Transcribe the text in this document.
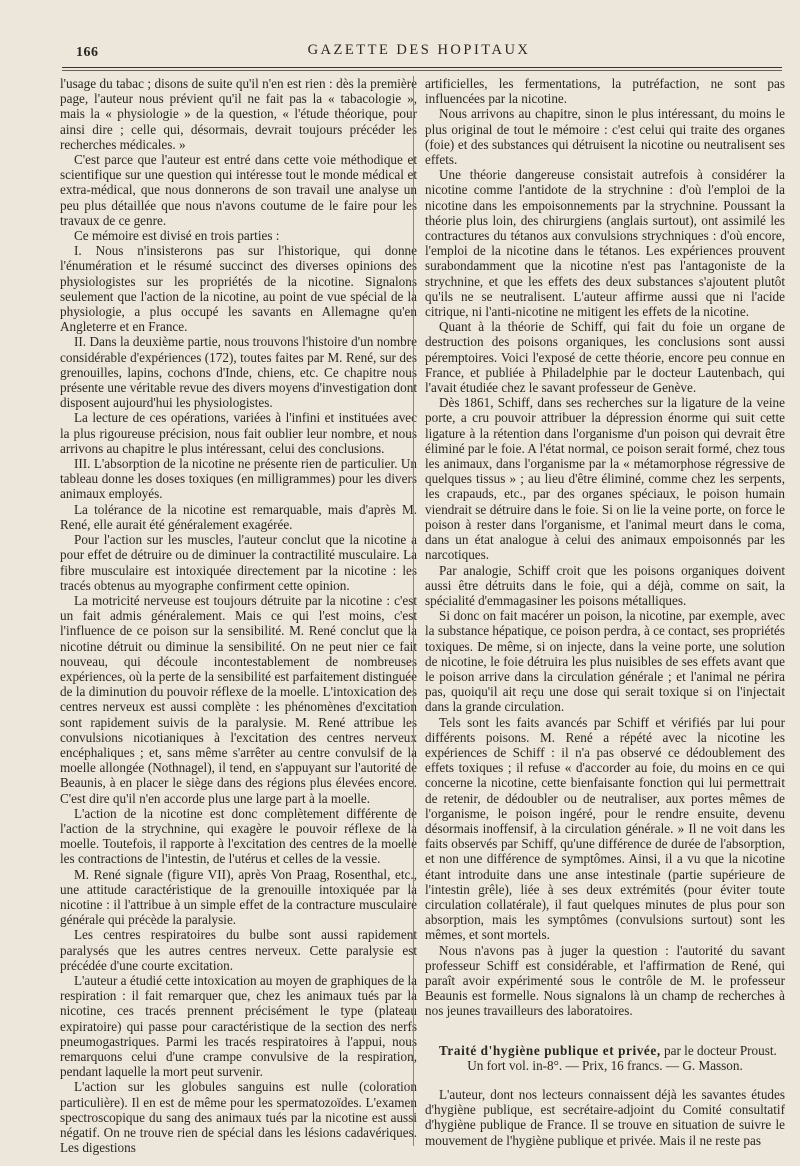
166	GAZETTE DES HOPITAUX

l'usage du tabac ; disons de suite qu'il n'en est rien : dès la première page, l'auteur nous prévient qu'il ne fait pas la « tabacologie », mais la « physiologie » de la question, « l'étude théorique, pour ainsi dire ; celle qui, désormais, devrait toujours précéder les recherches médicales. »

C'est parce que l'auteur est entré dans cette voie méthodique et scientifique sur une question qui intéresse tout le monde médical et extra-médical, que nous donnerons de son travail une analyse un peu plus détaillée que nous n'avons coutume de le faire pour les travaux de ce genre.

Ce mémoire est divisé en trois parties :

I. Nous n'insisterons pas sur l'historique, qui donne l'énumération et le résumé succinct des diverses opinions des physiologistes sur les propriétés de la nicotine. Signalons seulement que l'action de la nicotine, au point de vue spécial de la physiologie, a plus occupé les savants en Allemagne qu'en Angleterre et en France.

II. Dans la deuxième partie, nous trouvons l'histoire d'un nombre considérable d'expériences (172), toutes faites par M. René, sur des grenouilles, lapins, cochons d'Inde, chiens, etc. Ce chapitre nous présente une véritable revue des divers moyens d'investigation dont disposent aujourd'hui les physiologistes.

La lecture de ces opérations, variées à l'infini et instituées avec la plus rigoureuse précision, nous fait oublier leur nombre, et nous arrivons au chapitre le plus intéressant, celui des conclusions.

III. L'absorption de la nicotine ne présente rien de particulier. Un tableau donne les doses toxiques (en milligrammes) pour les divers animaux employés.

La tolérance de la nicotine est remarquable, mais d'après M. René, elle aurait été généralement exagérée.

Pour l'action sur les muscles, l'auteur conclut que la nicotine a pour effet de détruire ou de diminuer la contractilité musculaire. La fibre musculaire est intoxiquée directement par la nicotine : les tracés obtenus au myographe confirment cette opinion.

La motricité nerveuse est toujours détruite par la nicotine : c'est un fait admis généralement. Mais ce qui l'est moins, c'est l'influence de ce poison sur la sensibilité. M. René conclut que la nicotine détruit ou diminue la sensibilité. On ne peut nier ce fait nouveau, qui découle incontestablement de nombreuses expériences, où la perte de la sensibilité est parfaitement distinguée de la diminution du pouvoir réflexe de la moelle. L'intoxication des centres nerveux est aussi complète : les phénomènes d'excitation sont rapidement suivis de la paralysie. M. René attribue les convulsions nicotianiques à l'excitation des centres nerveux encéphaliques ; et, sans même s'arrêter au centre convulsif de la moelle allongée (Nothnagel), il tend, en s'appuyant sur l'autorité de Beaunis, à en placer le siège dans des régions plus élevées encore. C'est dire qu'il n'en accorde plus une large part à la moelle.

L'action de la nicotine est donc complètement différente de l'action de la strychnine, qui exagère le pouvoir réflexe de la moelle. Toutefois, il rapporte à l'excitation des centres de la moelle les contractions de l'intestin, de l'utérus et celles de la vessie.

M. René signale (figure VII), après Von Praag, Rosenthal, etc., une attitude caractéristique de la grenouille intoxiquée par la nicotine : il l'attribue à un simple effet de la contracture musculaire générale qui précède la paralysie.

Les centres respiratoires du bulbe sont aussi rapidement paralysés que les autres centres nerveux. Cette paralysie est précédée d'une courte excitation.

L'auteur a étudié cette intoxication au moyen de graphiques de la respiration : il fait remarquer que, chez les animaux tués par la nicotine, ces tracés prennent précisément le type (plateau expiratoire) qui passe pour caractéristique de la section des nerfs pneumogastriques. Parmi les tracés respiratoires à l'appui, nous remarquons celui d'une crampe convulsive de la respiration, pendant laquelle la mort peut survenir.

L'action sur les globules sanguins est nulle (coloration particulière). Il en est de même pour les spermatozoïdes. L'examen spectroscopique du sang des animaux tués par la nicotine est aussi négatif. On ne trouve rien de spécial dans les lésions cadavériques. Les digestions

artificielles, les fermentations, la putréfaction, ne sont pas influencées par la nicotine.

Nous arrivons au chapitre, sinon le plus intéressant, du moins le plus original de tout le mémoire : c'est celui qui traite des organes (foie) et des substances qui détruisent la nicotine ou neutralisent ses effets.

Une théorie dangereuse consistait autrefois à considérer la nicotine comme l'antidote de la strychnine : d'où l'emploi de la nicotine dans les empoisonnements par la strychnine. Poussant la théorie plus loin, des chirurgiens (anglais surtout), ont assimilé les contractures du tétanos aux convulsions strychniques : d'où encore, l'emploi de la nicotine dans le tétanos. Les expériences prouvent surabondamment que la nicotine n'est pas l'antagoniste de la strychnine, et que les effets des deux substances s'ajoutent plutôt qu'ils ne se neutralisent. L'auteur affirme aussi que ni l'acide citrique, ni l'anti-nicotine ne mitigent les effets de la nicotine.

Quant à la théorie de Schiff, qui fait du foie un organe de destruction des poisons organiques, les conclusions sont aussi péremptoires. Voici l'exposé de cette théorie, encore peu connue en France, et publiée à Philadelphie par le docteur Lautenbach, qui l'avait étudiée chez le savant professeur de Genève.

Dès 1861, Schiff, dans ses recherches sur la ligature de la veine porte, a cru pouvoir attribuer la dépression énorme qui suit cette ligature à la rétention dans l'organisme d'un poison qui devrait être éliminé par le foie. A l'état normal, ce poison serait formé, chez tous les animaux, dans l'organisme par la « métamorphose régressive de quelques tissus » ; au lieu d'être éliminé, comme chez les serpents, les crapauds, etc., par des organes spéciaux, le poison humain viendrait se détruire dans le foie. Si on lie la veine porte, on force le poison à rester dans l'organisme, et l'animal meurt dans le coma, dans un état analogue à celui des animaux empoisonnés par les narcotiques.

Par analogie, Schiff croit que les poisons organiques doivent aussi être détruits dans le foie, qui a déjà, comme on sait, la spécialité d'emmagasiner les poisons métalliques.

Si donc on fait macérer un poison, la nicotine, par exemple, avec la substance hépatique, ce poison perdra, à ce contact, ses propriétés toxiques. De même, si on injecte, dans la veine porte, une solution de nicotine, le foie détruira les plus nuisibles de ses effets avant que le poison arrive dans la circulation générale ; et l'animal ne périra pas, quoiqu'il ait reçu une dose qui serait toxique si on l'injectait dans la grande circulation.

Tels sont les faits avancés par Schiff et vérifiés par lui pour différents poisons. M. René a répété avec la nicotine les expériences de Schiff : il n'a pas observé ce dédoublement des effets toxiques ; il refuse « d'accorder au foie, du moins en ce qui concerne la nicotine, cette bienfaisante fonction qui lui permettrait de retenir, de dédoubler ou de neutraliser, aux portes mêmes de l'organisme, le poison ingéré, pour le rendre ensuite, devenu désormais inoffensif, à la circulation générale. » Il ne voit dans les faits observés par Schiff, qu'une différence de durée de l'absorption, et non une différence de symptômes. Ainsi, il a vu que la nicotine étant introduite dans une anse intestinale (partie supérieure de l'intestin grêle), liée à ses deux extrémités (pour éviter toute circulation collatérale), il faut quelques minutes de plus pour son absorption, mais les symptômes (convulsions surtout) sont les mêmes, et sont mortels.

Nous n'avons pas à juger la question : l'autorité du savant professeur Schiff est considérable, et l'affirmation de René, qui paraît avoir expérimenté sous le contrôle de M. le professeur Beaunis est formelle. Nous signalons là un champ de recherches à nos jeunes travailleurs des laboratoires.

Traité d'hygiène publique et privée, par le docteur Proust.

Un fort vol. in-8°. — Prix, 16 francs. — G. Masson.

L'auteur, dont nos lecteurs connaissent déjà les savantes études d'hygiène publique, est secrétaire-adjoint du Comité consultatif d'hygiène publique de France. Il se trouve en situation de suivre le mouvement de l'hygiène publique et privée. Mais il ne reste pas
